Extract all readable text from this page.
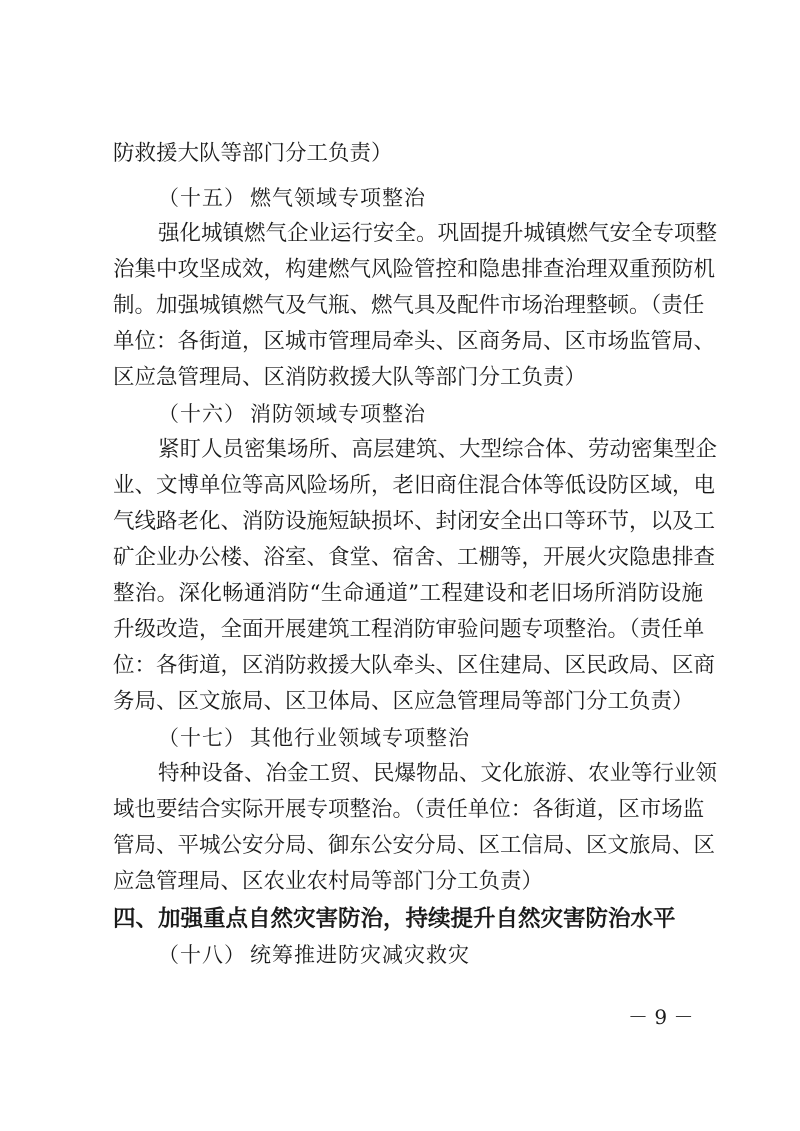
防救援大队等部门分工负责）
（十五） 燃气领域专项整治
强化城镇燃气企业运行安全。巩固提升城镇燃气安全专项整
治集中攻坚成效，构建燃气风险管控和隐患排查治理双重预防机
制。加强城镇燃气及气瓶、燃气具及配件市场治理整顿。（责任
单位：各街道，区城市管理局牵头、区商务局、区市场监管局、
区应急管理局、区消防救援大队等部门分工负责）
（十六） 消防领域专项整治
紧盯人员密集场所、高层建筑、大型综合体、劳动密集型企
业、文博单位等高风险场所，老旧商住混合体等低设防区域，电
气线路老化、消防设施短缺损坏、封闭安全出口等环节，以及工
矿企业办公楼、浴室、食堂、宿舍、工棚等，开展火灾隐患排查
整治。深化畅通消防“生命通道”工程建设和老旧场所消防设施
升级改造，全面开展建筑工程消防审验问题专项整治。（责任单
位：各街道，区消防救援大队牵头、区住建局、区民政局、区商
务局、区文旅局、区卫体局、区应急管理局等部门分工负责）
（十七） 其他行业领域专项整治
特种设备、冶金工贸、民爆物品、文化旅游、农业等行业领
域也要结合实际开展专项整治。（责任单位：各街道，区市场监
管局、平城公安分局、御东公安分局、区工信局、区文旅局、区
应急管理局、区农业农村局等部门分工负责）
四、加强重点自然灾害防治，持续提升自然灾害防治水平
（十八） 统筹推进防灾减灾救灾
－ 9 －
